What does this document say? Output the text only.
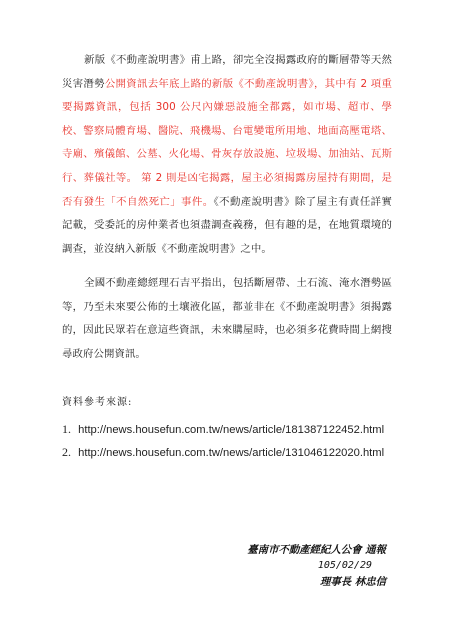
新版《不動產說明書》甫上路，卻完全沒揭露政府的斷層帶等天然災害潛勢公開資訊去年底上路的新版《不動產說明書》，其中有 2 項重要揭露資訊，包括 300 公尺內嫌惡設施全都露，如市場、超市、學校、警察局體育場、醫院、飛機場、台電變電所用地、地面高壓電塔、寺廟、殯儀館、公墓、火化場、骨灰存放設施、垃圾場、加油站、瓦斯行、葬儀社等。 第 2 則是凶宅揭露，屋主必須揭露房屋持有期間，是否有發生「不自然死亡」事件。《不動產說明書》除了屋主有責任詳實記載，受委託的房仲業者也須盡調查義務，但有趣的是，在地質環境的調查，並沒納入新版《不動產說明書》之中。
全國不動產總經理石吉平指出，包括斷層帶、土石流、淹水潛勢區等，乃至未來要公佈的土壤液化區，都並非在《不動產說明書》須揭露的，因此民眾若在意這些資訊，未來購屋時，也必須多花費時間上網搜尋政府公開資訊。
資料參考來源:
1. http://news.housefun.com.tw/news/article/181387122452.html
2. http://news.housefun.com.tw/news/article/131046122020.html
臺南市不動產經紀人公會 通報
105/02/29
理事長 林忠信
